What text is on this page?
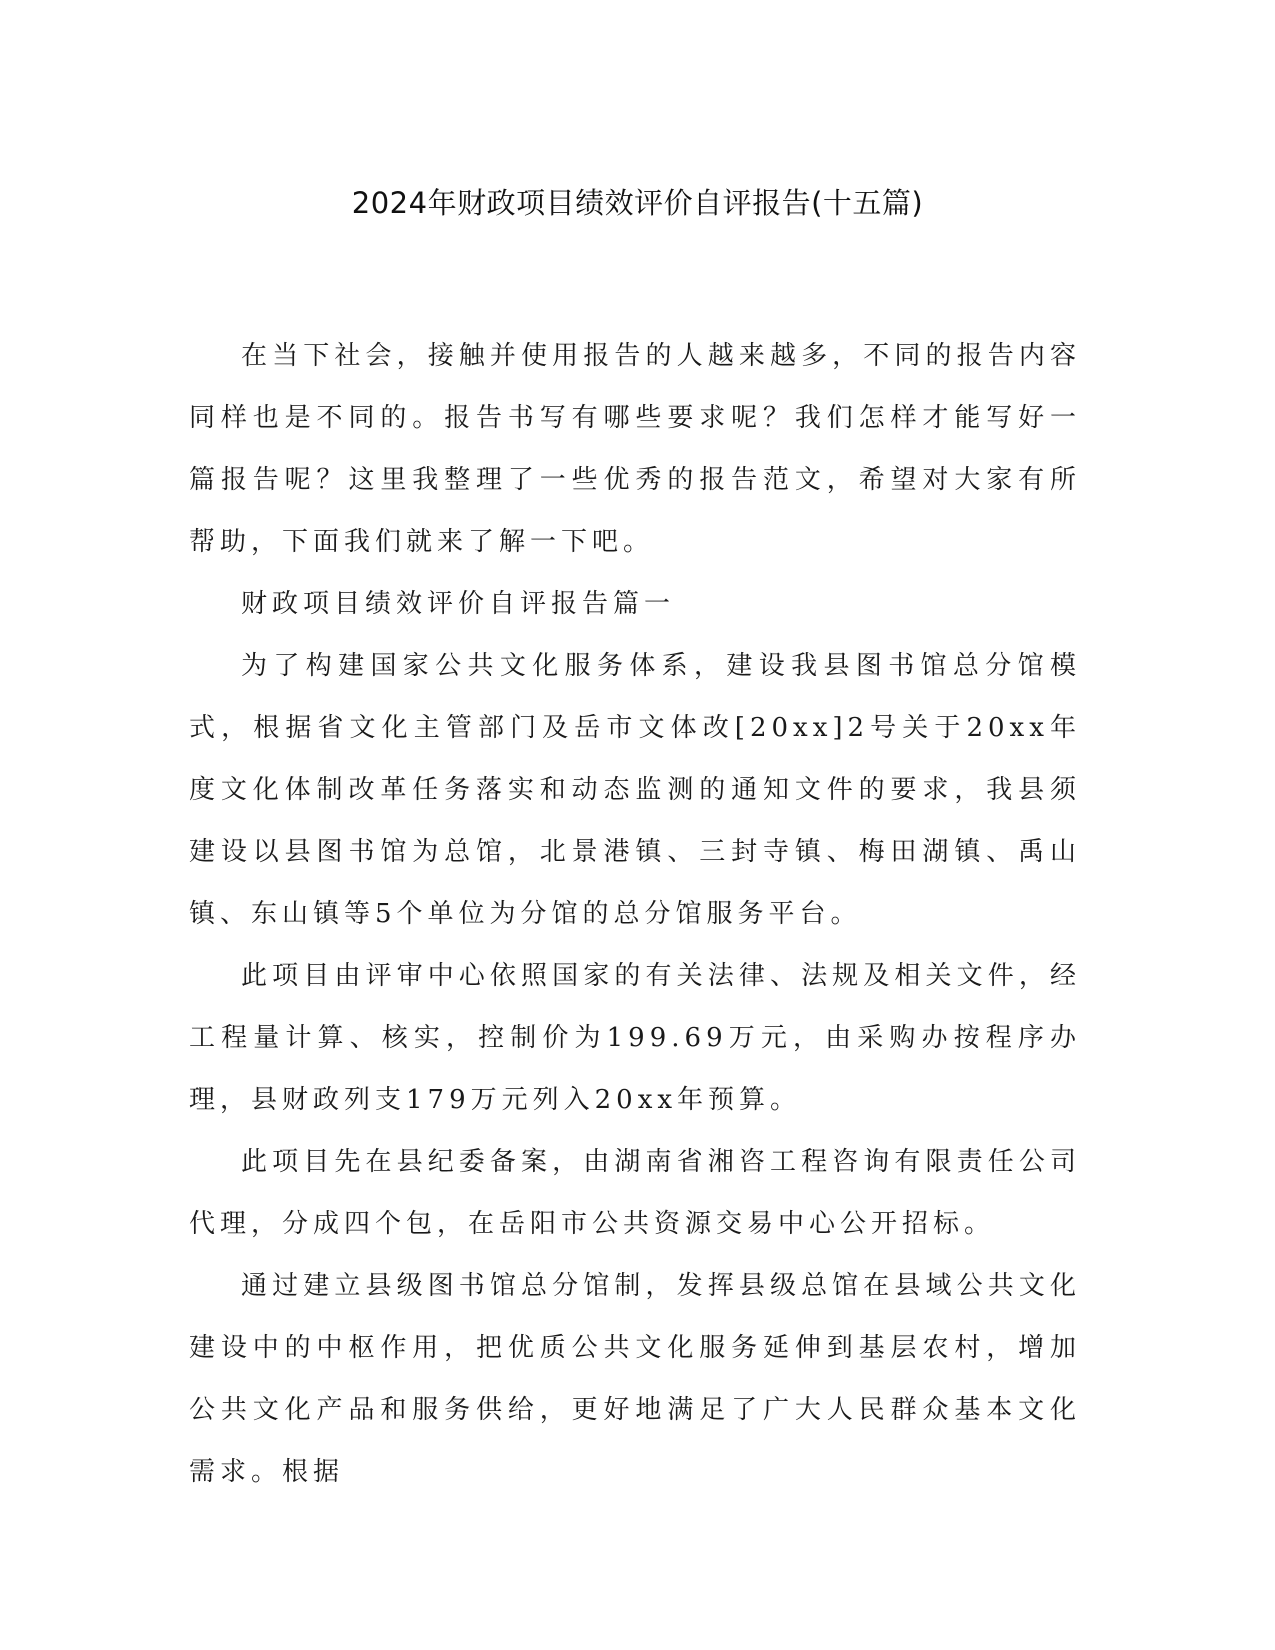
2024年财政项目绩效评价自评报告(十五篇)

在当下社会，接触并使用报告的人越来越多，不同的报告内容同样也是不同的。报告书写有哪些要求呢？我们怎样才能写好一篇报告呢？这里我整理了一些优秀的报告范文，希望对大家有所帮助，下面我们就来了解一下吧。

财政项目绩效评价自评报告篇一

为了构建国家公共文化服务体系，建设我县图书馆总分馆模式，根据省文化主管部门及岳市文体改[20xx]2号关于20xx年度文化体制改革任务落实和动态监测的通知文件的要求，我县须建设以县图书馆为总馆，北景港镇、三封寺镇、梅田湖镇、禹山镇、东山镇等5个单位为分馆的总分馆服务平台。

此项目由评审中心依照国家的有关法律、法规及相关文件，经工程量计算、核实，控制价为199.69万元，由采购办按程序办理，县财政列支179万元列入20xx年预算。

此项目先在县纪委备案，由湖南省湘咨工程咨询有限责任公司代理，分成四个包，在岳阳市公共资源交易中心公开招标。

通过建立县级图书馆总分馆制，发挥县级总馆在县域公共文化建设中的中枢作用，把优质公共文化服务延伸到基层农村，增加公共文化产品和服务供给，更好地满足了广大人民群众基本文化需求。根据
